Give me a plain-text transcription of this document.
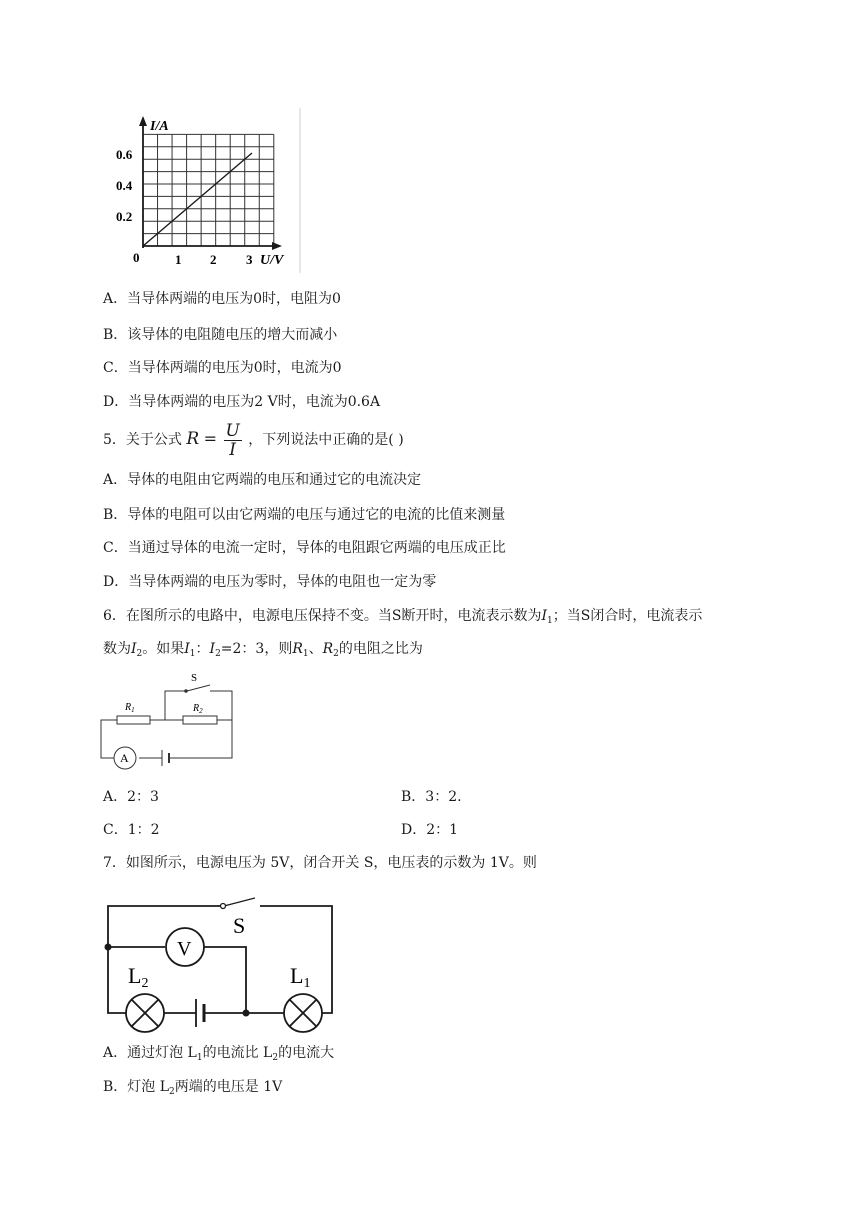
I/A
0.2
0.4
0.6
0	1 2 3 U/V
A．当导体两端的电压为0时，电阻为0
B．该导体的电阻随电压的增大而减小
C．当导体两端的电压为0时，电流为0
D．当导体两端的电压为2 V时，电流为0.6A
5．关于公式 $R = \frac{U}{I}$ ，下列说法中正确的是( )
A．导体的电阻由它两端的电压和通过它的电流决定
B．导体的电阻可以由它两端的电压与通过它的电流的比值来测量
C．当通过导体的电流一定时，导体的电阻跟它两端的电压成正比
D．当导体两端的电压为零时，导体的电阻也一定为零
6．在图所示的电路中，电源电压保持不变。当S断开时，电流表示数为$I_1$；当S闭合时，电流表示
数为$I_2$。如果$I_1$：$I_2=2$：3，则$R_1$、$R_2$的电阻之比为
S
$R_1$	$R_2$
A
A．2：3	B．3：2.
C．1：2	D．2：1
7．如图所示，电源电压为 5V，闭合开关 S，电压表的示数为 1V。则
S
V
L2	L1
A．通过灯泡 $L_1$的电流比 $L_2$的电流大
B．灯泡 $L_2$两端的电压是 1V
